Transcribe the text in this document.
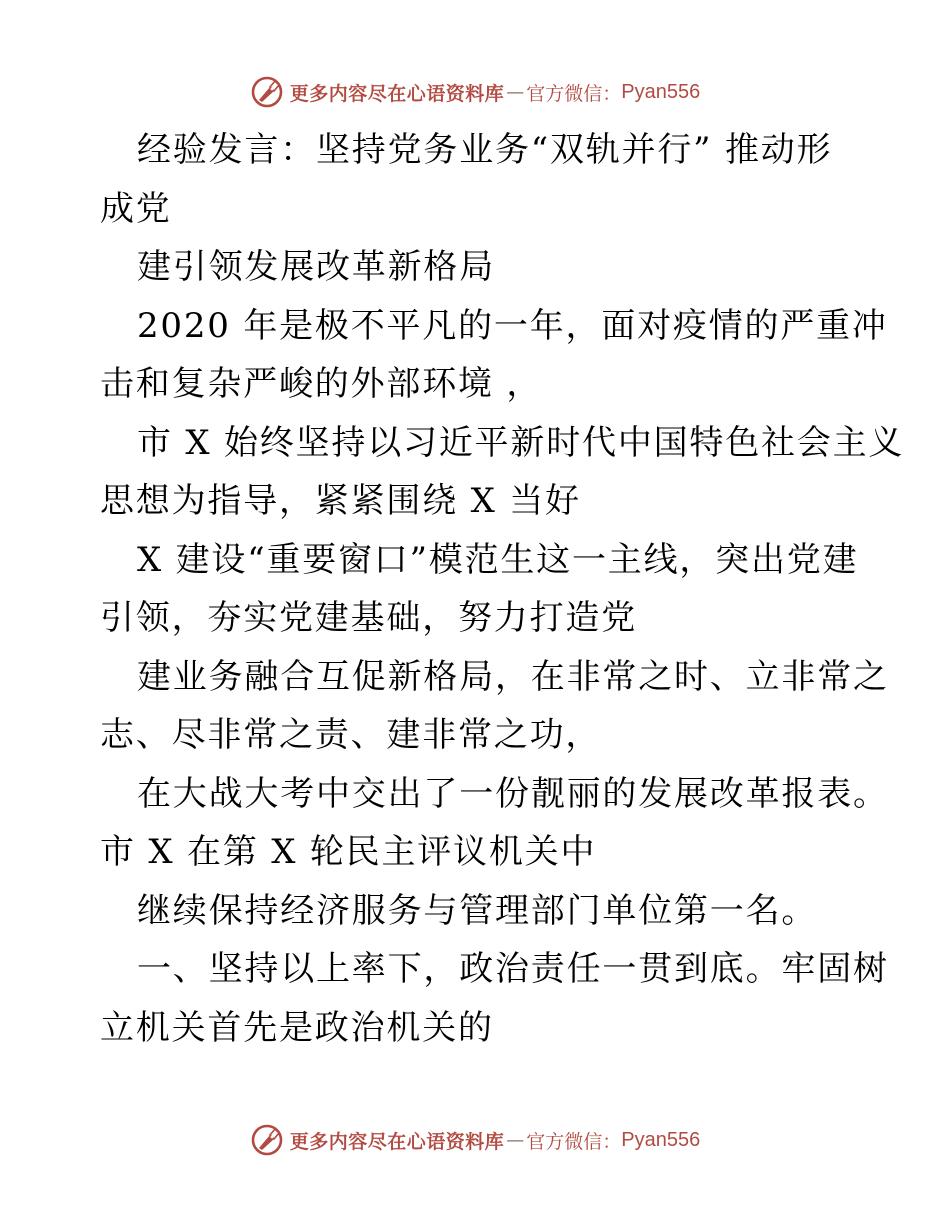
更多内容尽在心语资料库 — 官方微信： Pyan556
经验发言：坚持党务业务“双轨并行” 推动形
成党
建引领发展改革新格局
2020 年是极不平凡的一年，面对疫情的严重冲
击和复杂严峻的外部环境 ，
市 X 始终坚持以习近平新时代中国特色社会主义
思想为指导，紧紧围绕 X 当好
X 建设“重要窗口”模范生这一主线，突出党建
引领，夯实党建基础，努力打造党
建业务融合互促新格局，在非常之时、立非常之
志、尽非常之责、建非常之功，
在大战大考中交出了一份靓丽的发展改革报表。
市 X 在第 X 轮民主评议机关中
继续保持经济服务与管理部门单位第一名。
一、坚持以上率下，政治责任一贯到底。牢固树
立机关首先是政治机关的
更多内容尽在心语资料库 — 官方微信： Pyan556
